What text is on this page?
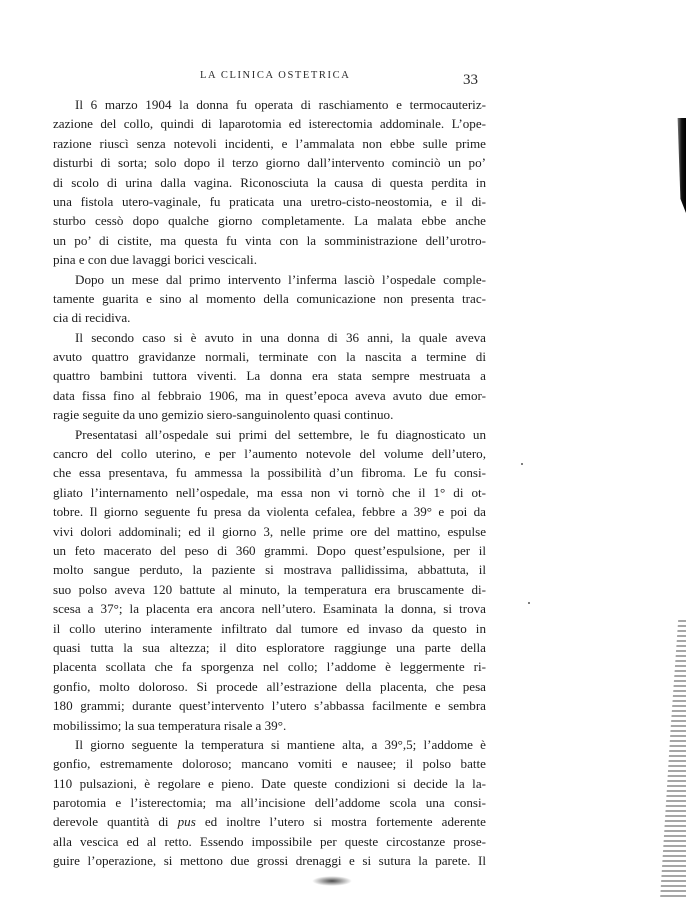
LA CLINICA OSTETRICA	33
Il 6 marzo 1904 la donna fu operata di raschiamento e termocauteriz-
zazione del collo, quindi di laparotomia ed isterectomia addominale. L’ope-
razione riuscì senza notevoli incidenti, e l’ammalata non ebbe sulle prime
disturbi di sorta; solo dopo il terzo giorno dall’intervento cominciò un po’
di scolo di urina dalla vagina. Riconosciuta la causa di questa perdita in
una fistola utero-vaginale, fu praticata una uretro-cisto-neostomia, e il di-
sturbo cessò dopo qualche giorno completamente. La malata ebbe anche
un po’ di cistite, ma questa fu vinta con la somministrazione dell’urotro-
pina e con due lavaggi borici vescicali.
Dopo un mese dal primo intervento l’inferma lasciò l’ospedale comple-
tamente guarita e sino al momento della comunicazione non presenta trac-
cia di recidiva.
Il secondo caso si è avuto in una donna di 36 anni, la quale aveva
avuto quattro gravidanze normali, terminate con la nascita a termine di
quattro bambini tuttora viventi. La donna era stata sempre mestruata a
data fissa fino al febbraio 1906, ma in quest’epoca aveva avuto due emor-
ragie seguite da uno gemizio siero-sanguinolento quasi continuo.
Presentatasi all’ospedale sui primi del settembre, le fu diagnosticato un
cancro del collo uterino, e per l’aumento notevole del volume dell’utero,
che essa presentava, fu ammessa la possibilità d’un fibroma. Le fu consi-
gliato l’internamento nell’ospedale, ma essa non vi tornò che il 1° di ot-
tobre. Il giorno seguente fu presa da violenta cefalea, febbre a 39° e poi da
vivi dolori addominali; ed il giorno 3, nelle prime ore del mattino, espulse
un feto macerato del peso di 360 grammi. Dopo quest’espulsione, per il
molto sangue perduto, la paziente si mostrava pallidissima, abbattuta, il
suo polso aveva 120 battute al minuto, la temperatura era bruscamente di-
scesa a 37°; la placenta era ancora nell’utero. Esaminata la donna, si trova
il collo uterino interamente infiltrato dal tumore ed invaso da questo in
quasi tutta la sua altezza; il dito esploratore raggiunge una parte della
placenta scollata che fa sporgenza nel collo; l’addome è leggermente ri-
gonfio, molto doloroso. Si procede all’estrazione della placenta, che pesa
180 grammi; durante quest’intervento l’utero s’abbassa facilmente e sembra
mobilissimo; la sua temperatura risale a 39°.
Il giorno seguente la temperatura si mantiene alta, a 39°,5; l’addome è
gonfio, estremamente doloroso; mancano vomiti e nausee; il polso batte
110 pulsazioni, è regolare e pieno. Date queste condizioni si decide la la-
parotomia e l’isterectomia; ma all’incisione dell’addome scola una consi-
derevole quantità di pus ed inoltre l’utero si mostra fortemente aderente
alla vescica ed al retto. Essendo impossibile per queste circostanze prose-
guire l’operazione, si mettono due grossi drenaggi e si sutura la parete. Il
